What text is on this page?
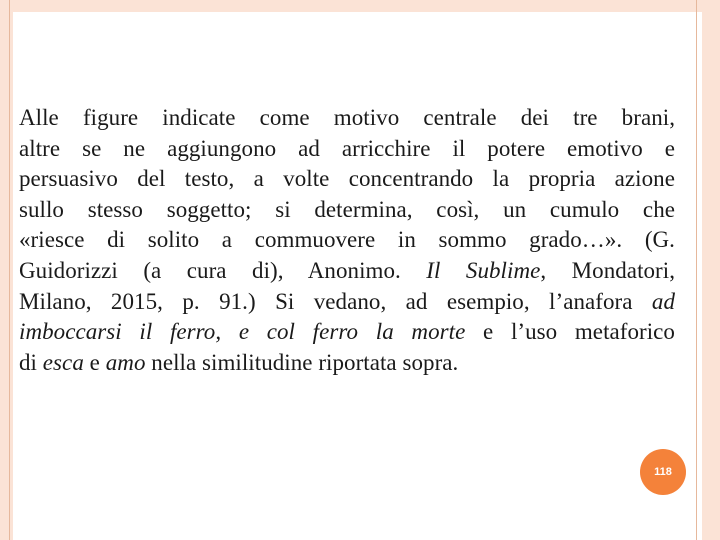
Alle figure indicate come motivo centrale dei tre brani,
altre se ne aggiungono ad arricchire il potere emotivo e
persuasivo del testo, a volte concentrando la propria azione
sullo stesso soggetto; si determina, così, un cumulo che
«riesce di solito a commuovere in sommo grado…». (G.
Guidorizzi (a cura di), Anonimo. Il Sublime, Mondatori,
Milano, 2015, p. 91.) Si vedano, ad esempio, l’anafora ad
imboccarsi il ferro, e col ferro la morte e l’uso metaforico
di esca e amo nella similitudine riportata sopra.
118
